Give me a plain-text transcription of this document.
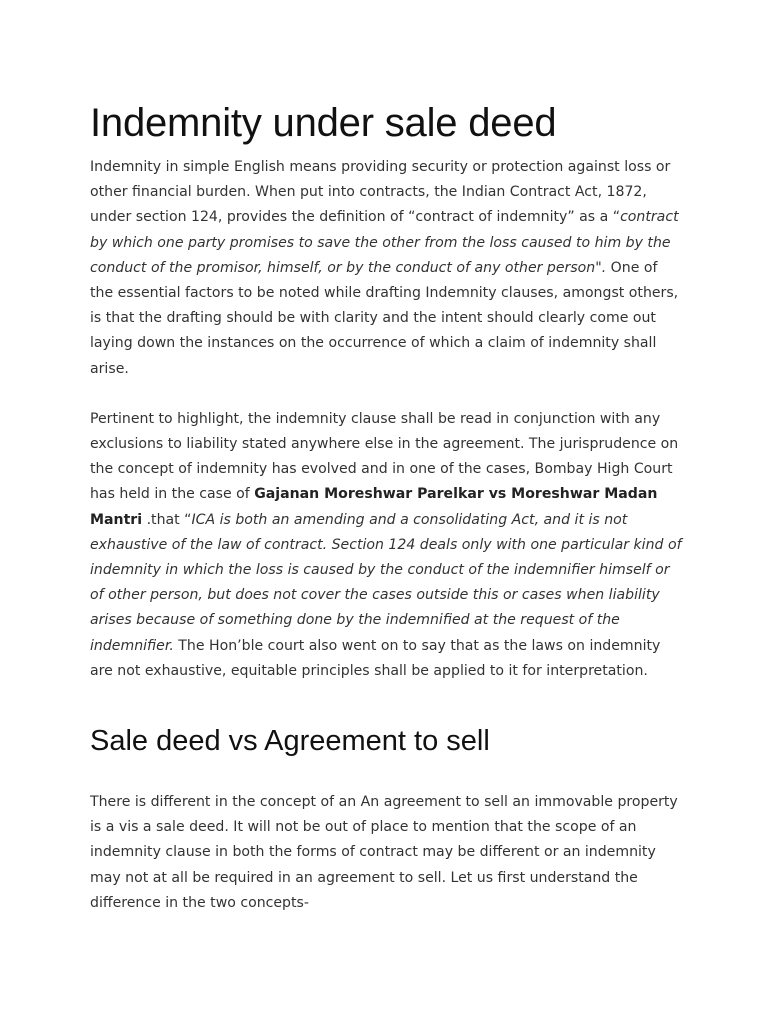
Indemnity under sale deed

Indemnity in simple English means providing security or protection against loss or other financial burden. When put into contracts, the Indian Contract Act, 1872, under section 124, provides the definition of “contract of indemnity” as a “contract by which one party promises to save the other from the loss caused to him by the conduct of the promisor, himself, or by the conduct of any other person". One of the essential factors to be noted while drafting Indemnity clauses, amongst others, is that the drafting should be with clarity and the intent should clearly come out laying down the instances on the occurrence of which a claim of indemnity shall arise.

Pertinent to highlight, the indemnity clause shall be read in conjunction with any exclusions to liability stated anywhere else in the agreement. The jurisprudence on the concept of indemnity has evolved and in one of the cases, Bombay High Court has held in the case of Gajanan Moreshwar Parelkar vs Moreshwar Madan Mantri .that “ICA is both an amending and a consolidating Act, and it is not exhaustive of the law of contract. Section 124 deals only with one particular kind of indemnity in which the loss is caused by the conduct of the indemnifier himself or of other person, but does not cover the cases outside this or cases when liability arises because of something done by the indemnified at the request of the indemnifier. The Hon’ble court also went on to say that as the laws on indemnity are not exhaustive, equitable principles shall be applied to it for interpretation.

Sale deed vs Agreement to sell

There is different in the concept of an An agreement to sell an immovable property is a vis a sale deed. It will not be out of place to mention that the scope of an indemnity clause in both the forms of contract may be different or an indemnity may not at all be required in an agreement to sell. Let us first understand the difference in the two concepts-
